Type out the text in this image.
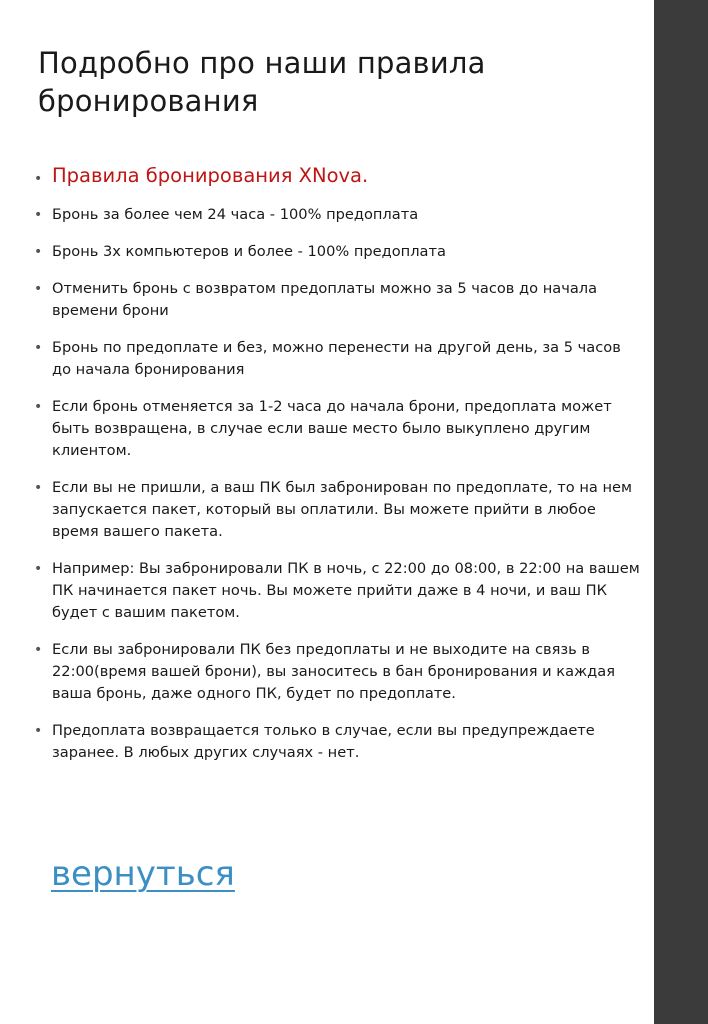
Подробно про наши правила бронирования
• Правила бронирования XNova.
• Бронь за более чем 24 часа - 100% предоплата
• Бронь 3х компьютеров и более - 100% предоплата
• Отменить бронь с возвратом предоплаты можно за 5 часов до начала времени брони
• Бронь по предоплате и без, можно перенести на другой день, за 5 часов до начала бронирования
• Если бронь отменяется за 1-2 часа до начала брони, предоплата может быть возвращена, в случае если ваше место было выкуплено другим клиентом.
• Если вы не пришли, а ваш ПК был забронирован по предоплате, то на нем запускается пакет, который вы оплатили. Вы можете прийти в любое время вашего пакета.
• Например: Вы забронировали ПК в ночь, с 22:00 до 08:00, в 22:00 на вашем ПК начинается пакет ночь. Вы можете прийти даже в 4 ночи, и ваш ПК будет с вашим пакетом.
• Если вы забронировали ПК без предоплаты и не выходите на связь в 22:00(время вашей брони), вы заноситесь в бан бронирования и каждая ваша бронь, даже одного ПК, будет по предоплате.
• Предоплата возвращается только в случае, если вы предупреждаете заранее. В любых других случаях - нет.
вернуться
